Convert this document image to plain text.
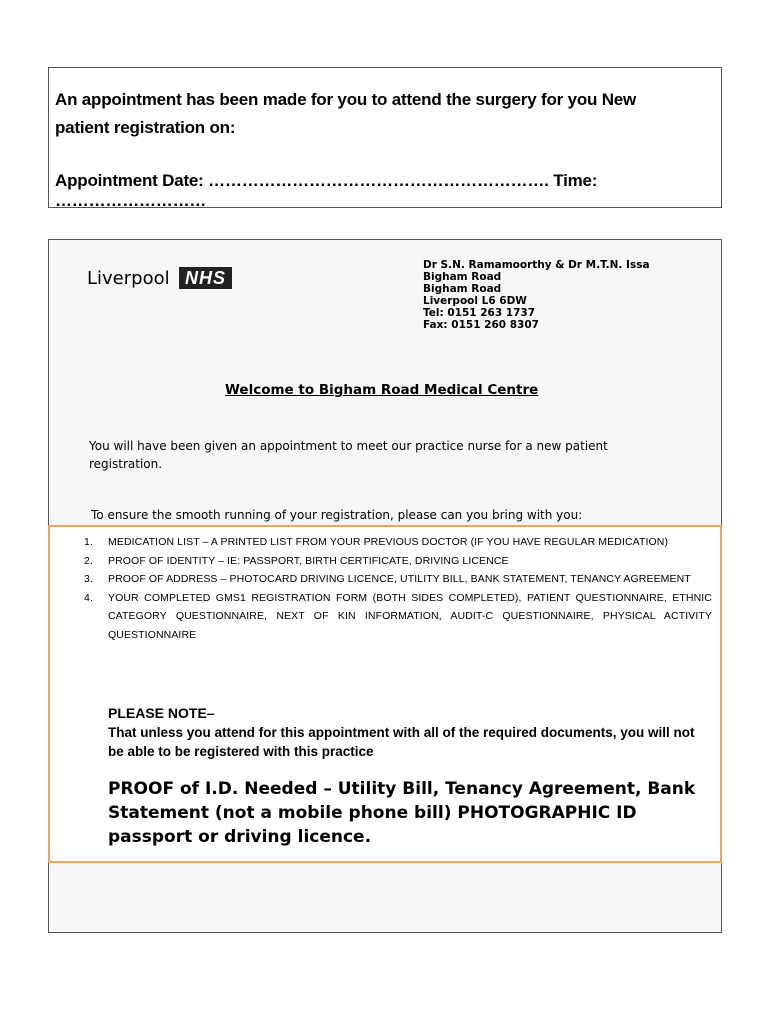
An appointment has been made for you to attend the surgery for you New
patient registration on:
Appointment Date: ……………………………………………………. Time: ………………………
Liverpool NHS
Dr S.N. Ramamoorthy & Dr M.T.N. Issa
Bigham Road
Bigham Road
Liverpool L6 6DW
Tel: 0151 263 1737
Fax: 0151 260 8307
Welcome to Bigham Road Medical Centre
You will have been given an appointment to meet our practice nurse for a new patient registration.
To ensure the smooth running of your registration, please can you bring with you:
1. MEDICATION LIST – A PRINTED LIST FROM YOUR PREVIOUS DOCTOR (IF YOU HAVE REGULAR MEDICATION)
2. PROOF OF IDENTITY – IE: PASSPORT, BIRTH CERTIFICATE, DRIVING LICENCE
3. PROOF OF ADDRESS – PHOTOCARD DRIVING LICENCE, UTILITY BILL, BANK STATEMENT, TENANCY AGREEMENT
4. YOUR COMPLETED GMS1 REGISTRATION FORM (BOTH SIDES COMPLETED), PATIENT QUESTIONNAIRE, ETHNIC CATEGORY QUESTIONNAIRE, NEXT OF KIN INFORMATION, AUDIT-C QUESTIONNAIRE, PHYSICAL ACTIVITY QUESTIONNAIRE
PLEASE NOTE–
That unless you attend for this appointment with all of the required documents, you will not be able to be registered with this practice
PROOF of I.D. Needed – Utility Bill, Tenancy Agreement, Bank Statement (not a mobile phone bill) PHOTOGRAPHIC ID passport or driving licence.
